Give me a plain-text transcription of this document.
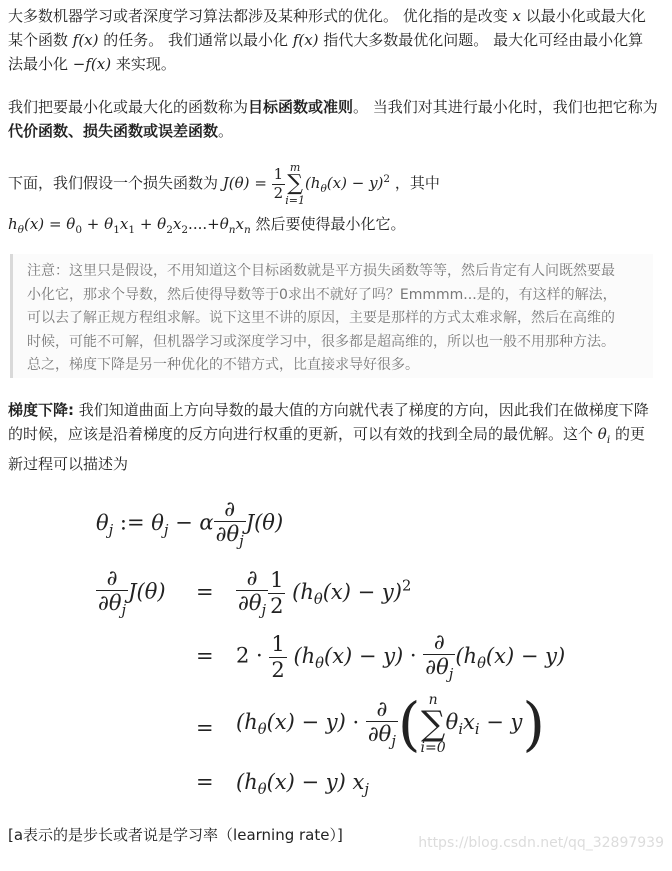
大多数机器学习或者深度学习算法都涉及某种形式的优化。 优化指的是改变 x 以最小化或最大化
某个函数 f(x) 的任务。 我们通常以最小化 f(x) 指代大多数最优化问题。 最大化可经由最小化算
法最小化 −f(x) 来实现。
我们把要最小化或最大化的函数称为目标函数或准则。 当我们对其进行最小化时，我们也把它称为
代价函数、损失函数或误差函数。
下面，我们假设一个损失函数为 $J(\theta) = \frac{1}{2}$ m
∑
i=1
$(h_\theta(x) - y)^2$ ，其中
$h_\theta(x) = \theta_0 + \theta_1x_1 + \theta_2x_2....+\theta_nx_n$ 然后要使得最小化它。
注意：这里只是假设，不用知道这个目标函数就是平方损失函数等等，然后肯定有人问既然要最
小化它，那求个导数，然后使得导数等于0求出不就好了吗？Emmmm...是的，有这样的解法，
可以去了解正规方程组求解。说下这里不讲的原因，主要是那样的方式太难求解，然后在高维的
时候，可能不可解，但机器学习或深度学习中，很多都是超高维的，所以也一般不用那种方法。
总之，梯度下降是另一种优化的不错方式，比直接求导好很多。
梯度下降: 我们知道曲面上方向导数的最大值的方向就代表了梯度的方向，因此我们在做梯度下降
的时候，应该是沿着梯度的反方向进行权重的更新，可以有效的找到全局的最优解。这个 $\theta_i$ 的更
新过程可以描述为
$\theta_j$ := $\theta_j - \alpha \frac{\partial}{\partial\theta_j} J(\theta)$
$\frac{\partial}{\partial\theta_j} J(\theta) = \frac{\partial}{\partial\theta_j} \frac{1}{2} (h_\theta(x) - y)^2$
= $2 \cdot \frac{1}{2} (h_\theta(x) - y) \cdot \frac{\partial}{\partial\theta_j} (h_\theta(x) - y)$
= $(h_\theta(x) - y) \cdot \frac{\partial}{\partial\theta_j}$ ( n
∑
i=0
$\theta_ix_i - y$)
= $(h_\theta(x) - y)$ $x_j$
[a表示的是步长或者说是学习率（learning rate）]	https://blog.csdn.net/qq_32897939
